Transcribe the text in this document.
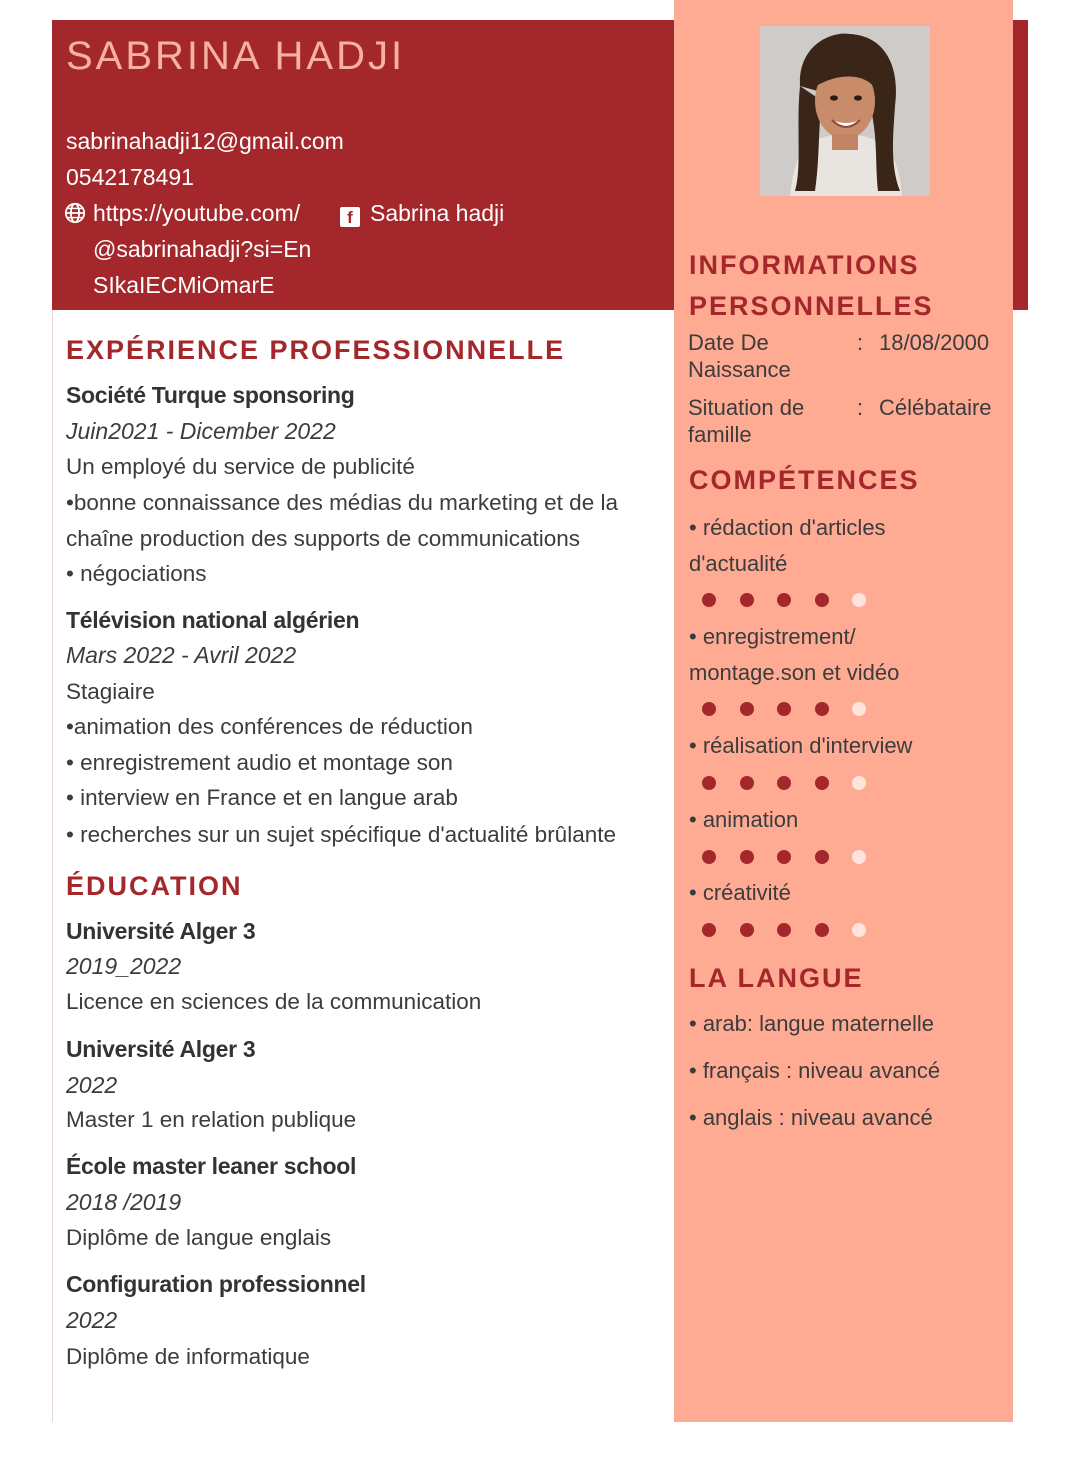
SABRINA HADJI
sabrinahadji12@gmail.com
0542178491
https://youtube.com/
@sabrinahadji?si=En
SIkaIECMiOmarE
f Sabrina hadji
INFORMATIONS
PERSONNELLES
Date De
Naissance
: 18/08/2000
Situation de
famille
: Célébataire
COMPÉTENCES
• rédaction d'articles
d'actualité
• enregistrement/
montage.son et vidéo
• réalisation d'interview
• animation
• créativité
LA LANGUE
• arab: langue maternelle
• français : niveau avancé
• anglais : niveau avancé
EXPÉRIENCE PROFESSIONNELLE
Société Turque sponsoring
Juin2021 - Dicember 2022
Un employé du service de publicité
•bonne connaissance des médias du marketing et de la
chaîne production des supports de communications
• négociations
Télévision national algérien
Mars 2022 - Avril 2022
Stagiaire
•animation des conférences de réduction
• enregistrement audio et montage son
• interview en France et en langue arab
• recherches sur un sujet spécifique d'actualité brûlante
ÉDUCATION
Université Alger 3
2019_2022
Licence en sciences de la communication
Université Alger 3
2022
Master 1 en relation publique
École master leaner school
2018 /2019
Diplôme de langue englais
Configuration professionnel
2022
Diplôme de informatique
